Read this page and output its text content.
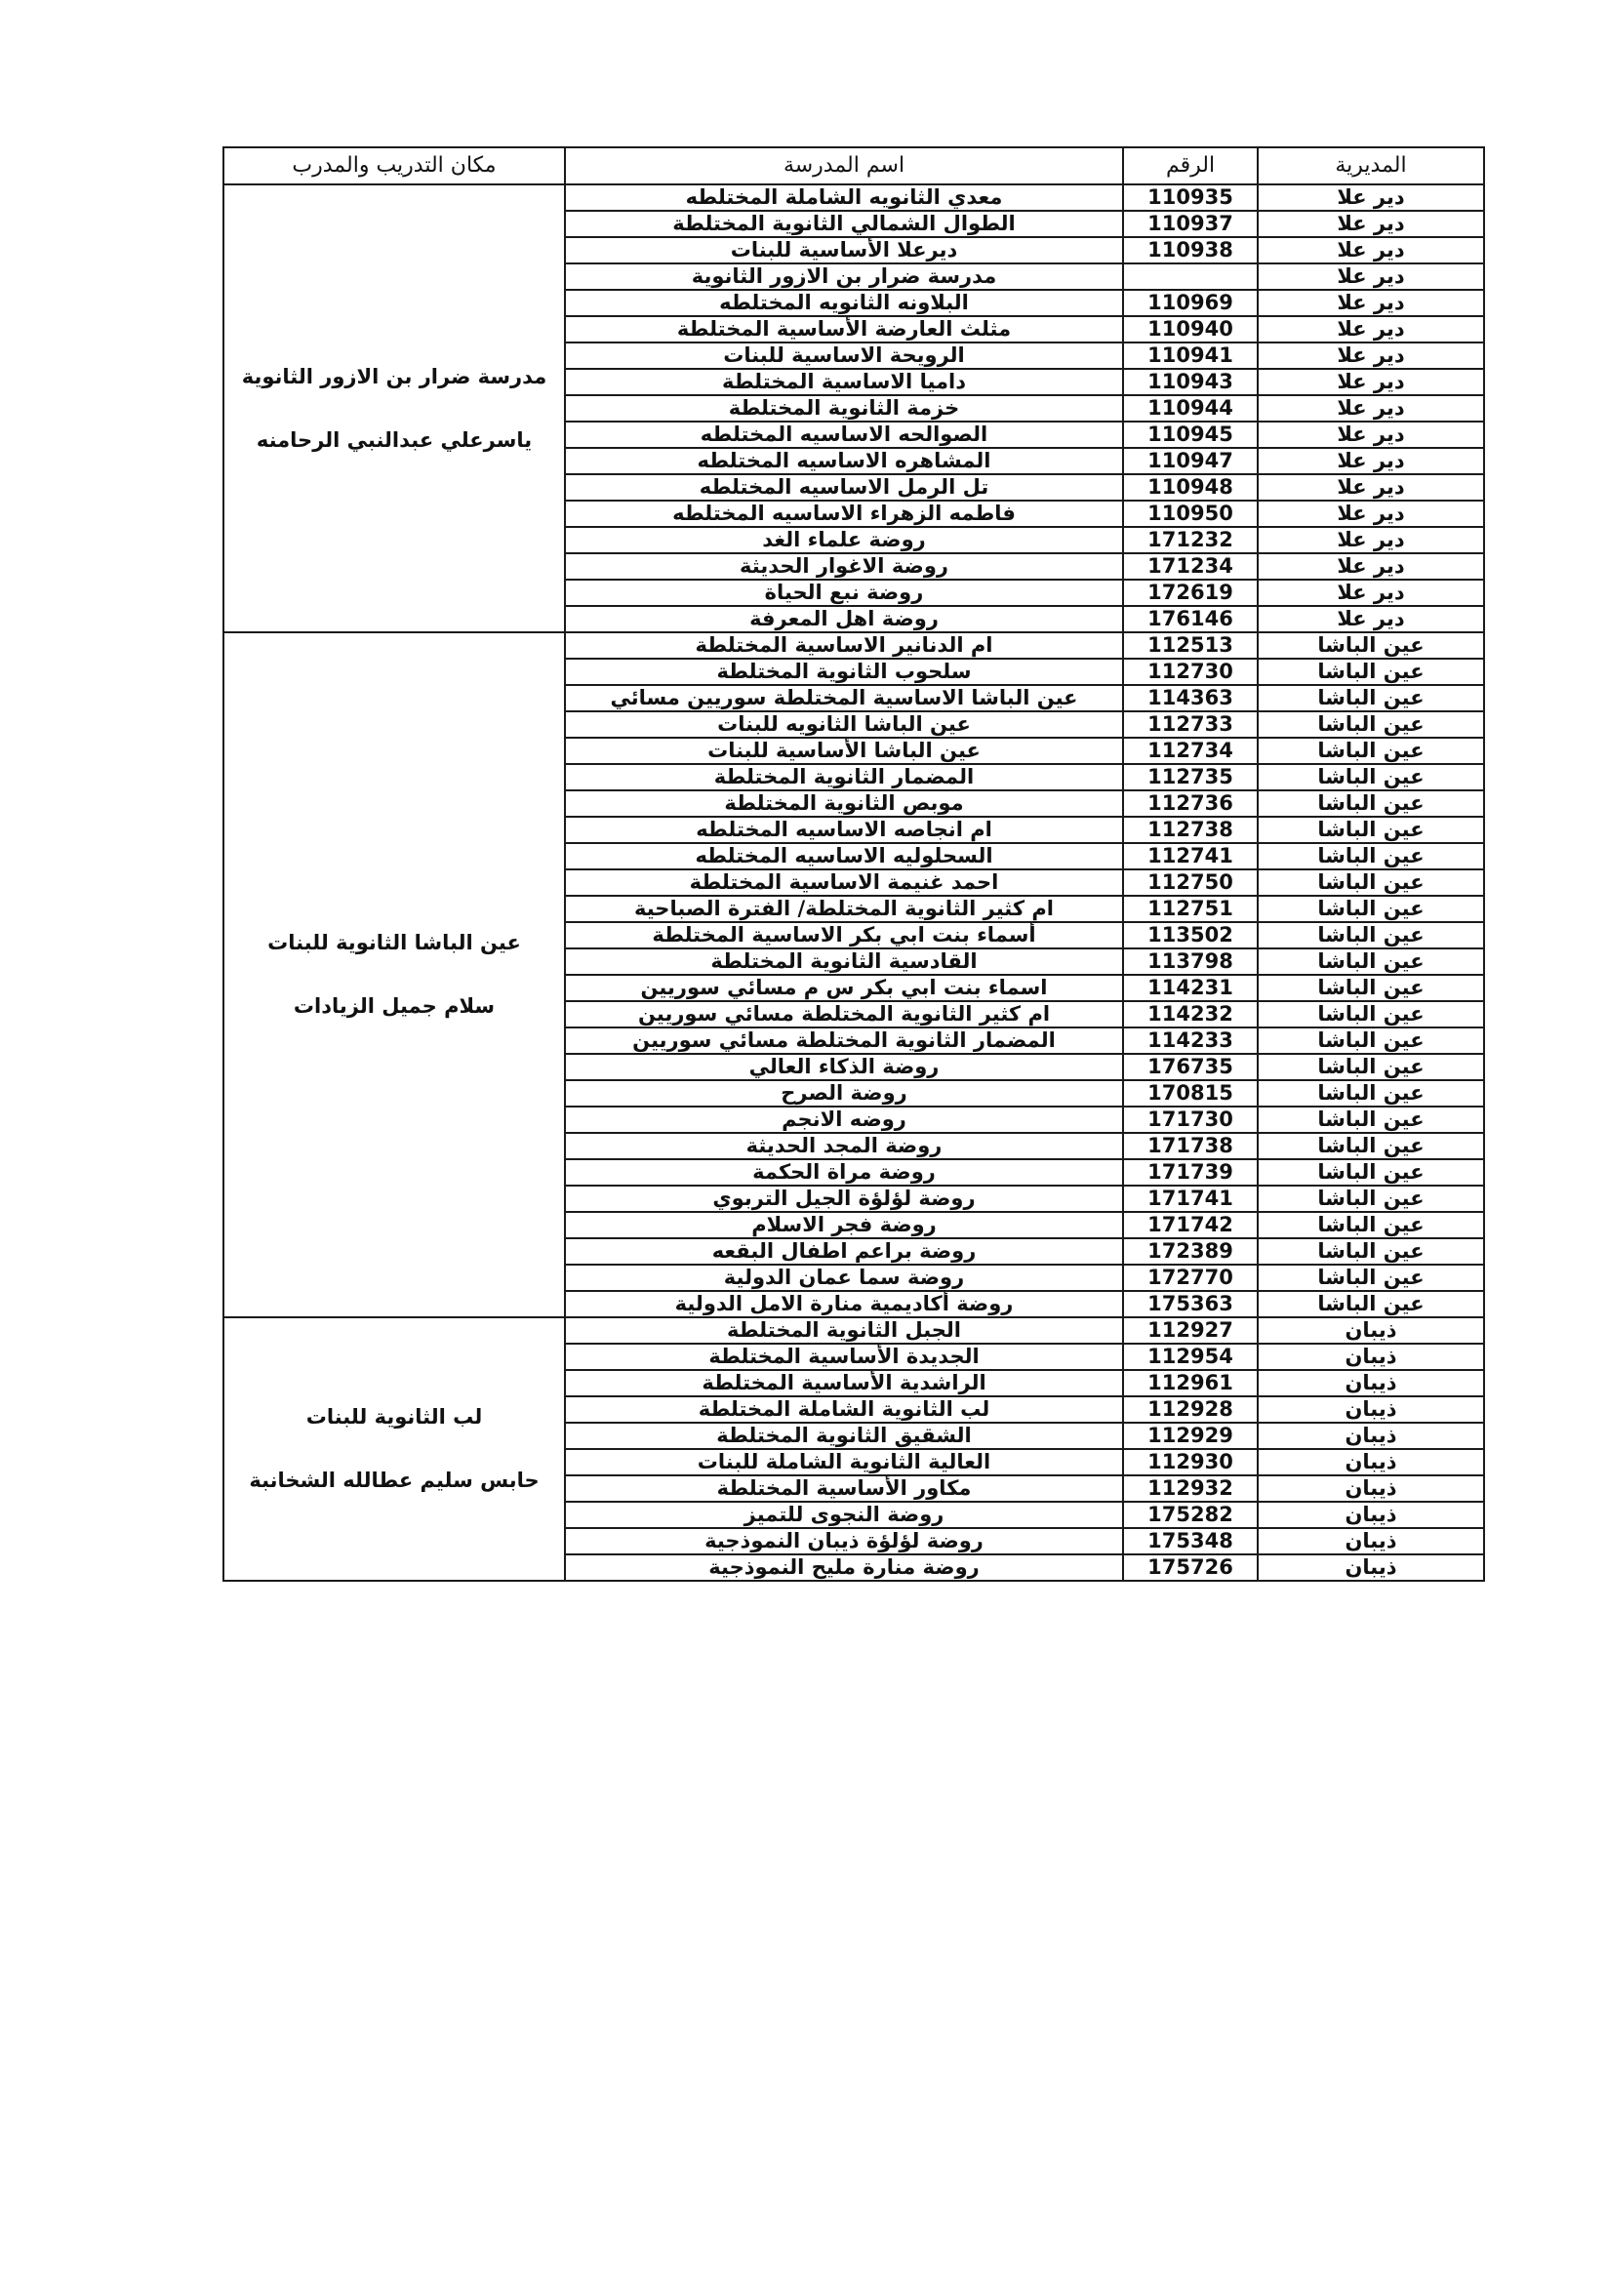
المديرية	الرقم	اسم المدرسة	مكان التدريب والمدرب
دير علا	110935	معدي الثانويه الشاملة المختلطه	مدرسة ضرار بن الازور الثانوية
ياسرعلي عبدالنبي الرحامنه
دير علا	110937	الطوال الشمالي الثانوية المختلطة	
دير علا	110938	ديرعلا الأساسية للبنات	
دير علا		مدرسة ضرار بن الازور الثانوية	
دير علا	110969	البلاونه الثانويه المختلطه	
دير علا	110940	مثلث العارضة الأساسية المختلطة	
دير علا	110941	الرويحة الاساسية للبنات	
دير علا	110943	داميا الاساسية المختلطة	
دير علا	110944	خزمة الثانوية المختلطة	
دير علا	110945	الصوالحه الاساسيه المختلطه	
دير علا	110947	المشاهره الاساسيه المختلطه	
دير علا	110948	تل الرمل الاساسيه المختلطه	
دير علا	110950	فاطمه الزهراء الاساسيه المختلطه	
دير علا	171232	روضة علماء الغد	
دير علا	171234	روضة الاغوار الحديثة	
دير علا	172619	روضة نبع الحياة	
دير علا	176146	روضة اهل المعرفة	
عين الباشا	112513	ام الدنانير الاساسية المختلطة	عين الباشا الثانوية للبنات
سلام جميل الزيادات
عين الباشا	112730	سلحوب الثانوية المختلطة	
عين الباشا	114363	عين الباشا الاساسية المختلطة سوريين مسائي	
عين الباشا	112733	عين الباشا الثانويه للبنات	
عين الباشا	112734	عين الباشا الأساسية للبنات	
عين الباشا	112735	المضمار الثانوية المختلطة	
عين الباشا	112736	موبص الثانوية المختلطة	
عين الباشا	112738	ام انجاصه الاساسيه المختلطه	
عين الباشا	112741	السحلوليه الاساسيه المختلطه	
عين الباشا	112750	احمد غنيمة الاساسية المختلطة	
عين الباشا	112751	ام كثير الثانوية المختلطة/ الفترة الصباحية	
عين الباشا	113502	أسماء بنت ابي بكر الاساسية المختلطة	
عين الباشا	113798	القادسية الثانوية المختلطة	
عين الباشا	114231	اسماء بنت ابي بكر س م مسائي سوريين	
عين الباشا	114232	ام كثير الثانوية المختلطة مسائي سوريين	
عين الباشا	114233	المضمار الثانوية المختلطة مسائي سوريين	
عين الباشا	176735	روضة الذكاء العالي	
عين الباشا	170815	روضة الصرح	
عين الباشا	171730	روضه الانجم	
عين الباشا	171738	روضة المجد الحديثة	
عين الباشا	171739	روضة مراة الحكمة	
عين الباشا	171741	روضة لؤلؤة الجيل التربوي	
عين الباشا	171742	روضة فجر الاسلام	
عين الباشا	172389	روضة براعم اطفال البقعه	
عين الباشا	172770	روضة سما عمان الدولية	
عين الباشا	175363	روضة أكاديمية منارة الامل الدولية	
ذيبان	112927	الجبل الثانوية المختلطة	لب الثانوية للبنات
حابس سليم عطالله الشخانبة
ذيبان	112954	الجديدة الأساسية المختلطة	
ذيبان	112961	الراشدية الأساسية المختلطة	
ذيبان	112928	لب الثانوية الشاملة المختلطة	
ذيبان	112929	الشقيق الثانوية المختلطة	
ذيبان	112930	العالية الثانوية الشاملة للبنات	
ذيبان	112932	مكاور الأساسية المختلطة	
ذيبان	175282	روضة النجوى للتميز	
ذيبان	175348	روضة لؤلؤة ذيبان النموذجية	
ذيبان	175726	روضة منارة مليح النموذجية	
